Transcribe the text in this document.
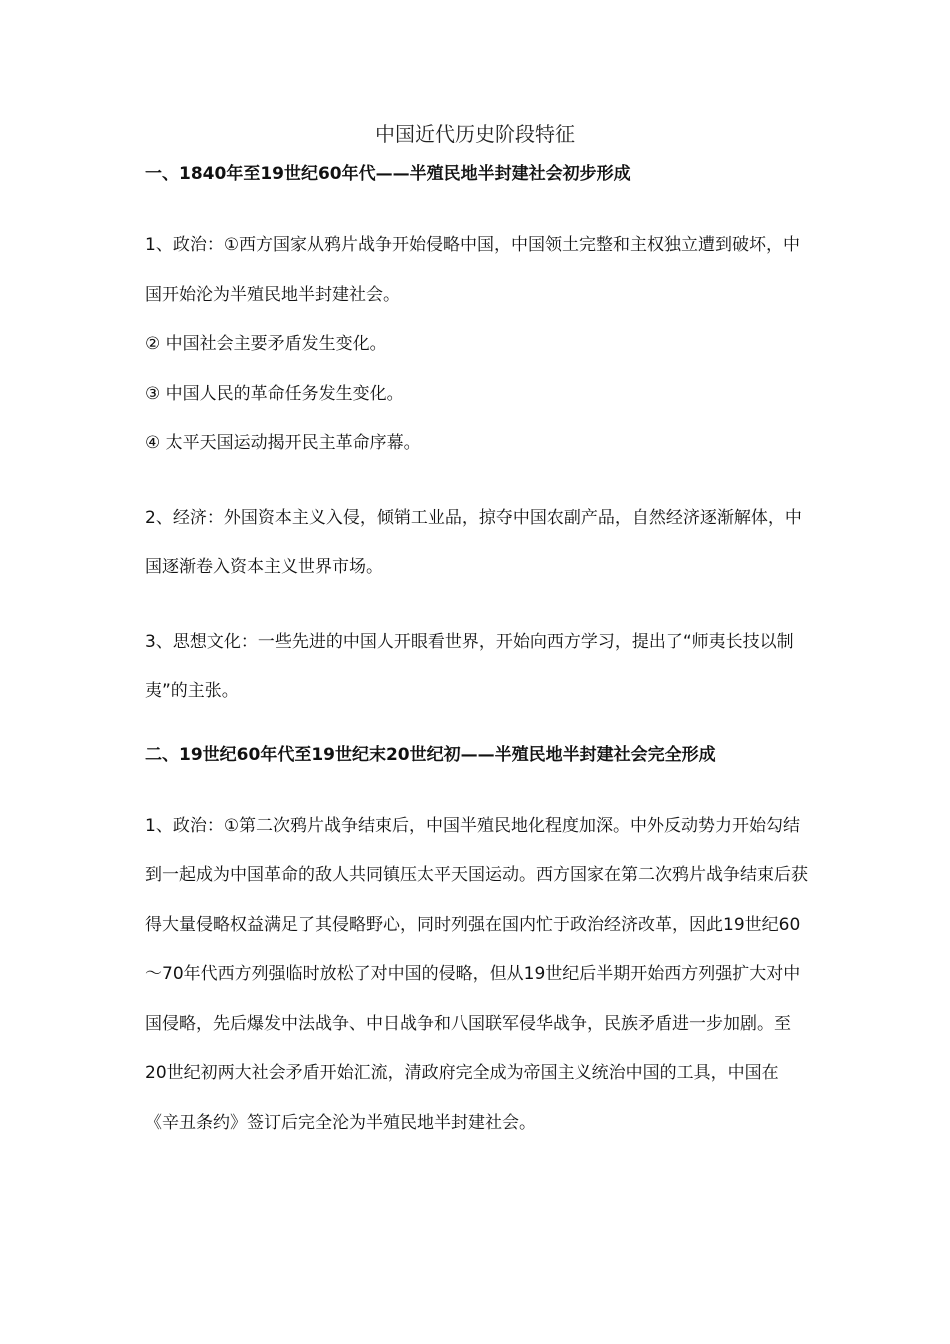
中国近代历史阶段特征

一、1840年至19世纪60年代——半殖民地半封建社会初步形成

1、政治：①西方国家从鸦片战争开始侵略中国，中国领土完整和主权独立遭到破坏，中国开始沦为半殖民地半封建社会。

② 中国社会主要矛盾发生变化。

③ 中国人民的革命任务发生变化。

④ 太平天国运动揭开民主革命序幕。

2、经济：外国资本主义入侵，倾销工业品，掠夺中国农副产品，自然经济逐渐解体，中国逐渐卷入资本主义世界市场。

3、思想文化：一些先进的中国人开眼看世界，开始向西方学习，提出了“师夷长技以制夷”的主张。

二、19世纪60年代至19世纪末20世纪初——半殖民地半封建社会完全形成

1、政治：①第二次鸦片战争结束后，中国半殖民地化程度加深。中外反动势力开始勾结到一起成为中国革命的敌人共同镇压太平天国运动。西方国家在第二次鸦片战争结束后获得大量侵略权益满足了其侵略野心，同时列强在国内忙于政治经济改革，因此19世纪60～70年代西方列强临时放松了对中国的侵略，但从19世纪后半期开始西方列强扩大对中国侵略，先后爆发中法战争、中日战争和八国联军侵华战争，民族矛盾进一步加剧。至20世纪初两大社会矛盾开始汇流，清政府完全成为帝国主义统治中国的工具，中国在《辛丑条约》签订后完全沦为半殖民地半封建社会。
